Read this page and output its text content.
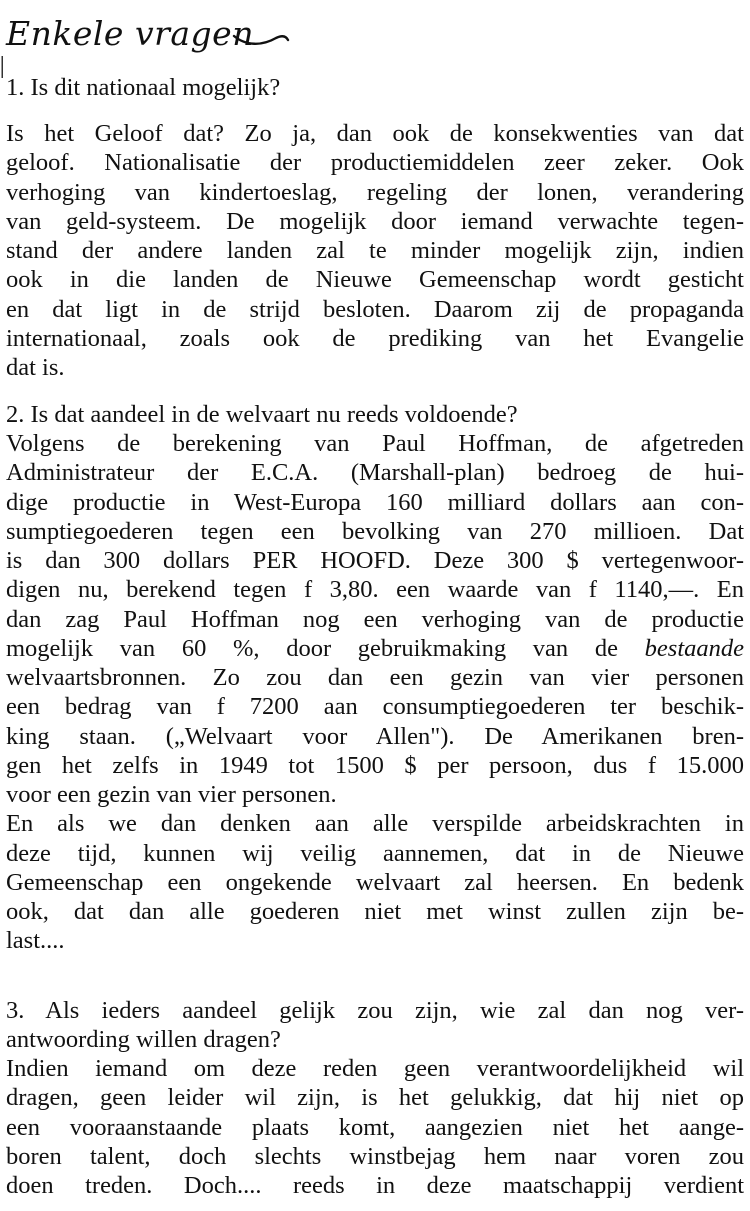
Enkele vragen

1. Is dit nationaal mogelijk?

Is het Geloof dat? Zo ja, dan ook de konsekwenties van dat
geloof. Nationalisatie der productiemiddelen zeer zeker. Ook
verhoging van kindertoeslag, regeling der lonen, verandering
van geld-systeem. De mogelijk door iemand verwachte tegen-
stand der andere landen zal te minder mogelijk zijn, indien
ook in die landen de Nieuwe Gemeenschap wordt gesticht
en dat ligt in de strijd besloten. Daarom zij de propaganda
internationaal, zoals ook de prediking van het Evangelie
dat is.

2. Is dat aandeel in de welvaart nu reeds voldoende?

Volgens de berekening van Paul Hoffman, de afgetreden
Administrateur der E.C.A. (Marshall-plan) bedroeg de hui-
dige productie in West-Europa 160 milliard dollars aan con-
sumptiegoederen tegen een bevolking van 270 millioen. Dat
is dan 300 dollars PER HOOFD. Deze 300 $ vertegenwoor-
digen nu, berekend tegen f 3,80. een waarde van f 1140,—. En
dan zag Paul Hoffman nog een verhoging van de productie
mogelijk van 60 %, door gebruikmaking van de bestaande
welvaartsbronnen. Zo zou dan een gezin van vier personen
een bedrag van f 7200 aan consumptiegoederen ter beschik-
king staan. („Welvaart voor Allen"). De Amerikanen bren-
gen het zelfs in 1949 tot 1500 $ per persoon, dus f 15.000
voor een gezin van vier personen.
En als we dan denken aan alle verspilde arbeidskrachten in
deze tijd, kunnen wij veilig aannemen, dat in de Nieuwe
Gemeenschap een ongekende welvaart zal heersen. En bedenk
ook, dat dan alle goederen niet met winst zullen zijn be-
last....
3. Als ieders aandeel gelijk zou zijn, wie zal dan nog ver-
antwoording willen dragen?
Indien iemand om deze reden geen verantwoordelijkheid wil
dragen, geen leider wil zijn, is het gelukkig, dat hij niet op
een vooraanstaande plaats komt, aangezien niet het aange-
boren talent, doch slechts winstbejag hem naar voren zou
doen treden. Doch.... reeds in deze maatschappij verdient
